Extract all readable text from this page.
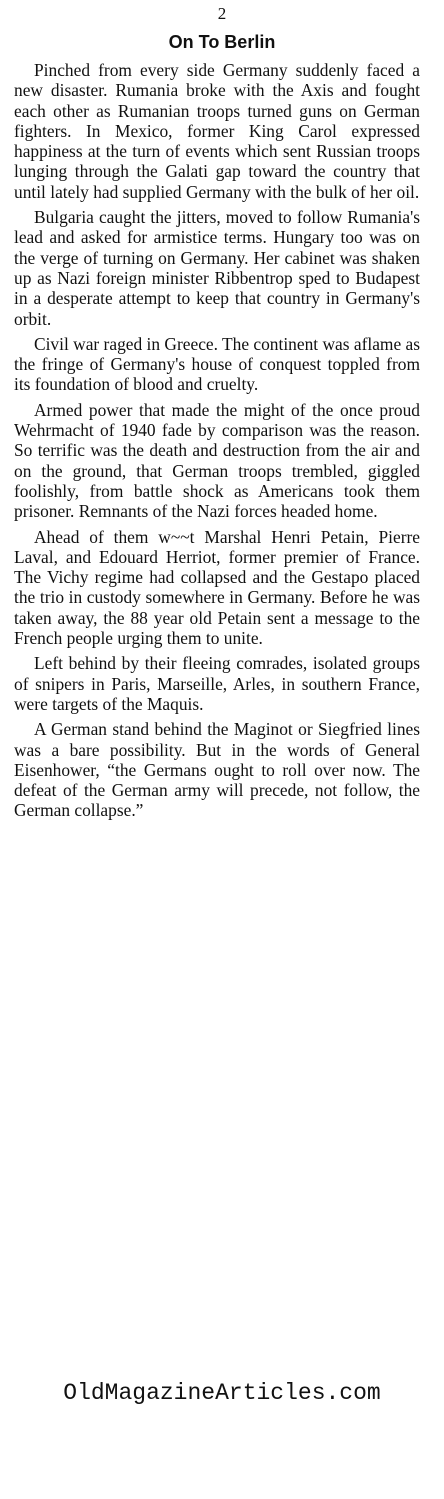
2
On To Berlin

Pinched from every side Germany suddenly faced a new disaster. Rumania broke with the Axis and fought each other as Rumanian troops turned guns on German fighters. In Mexico, former King Carol expressed happiness at the turn of events which sent Russian troops lunging through the Galati gap toward the country that until lately had supplied Germany with the bulk of her oil.

Bulgaria caught the jitters, moved to follow Rumania's lead and asked for armistice terms. Hungary too was on the verge of turning on Germany. Her cabinet was shaken up as Nazi foreign minister Ribbentrop sped to Budapest in a desperate attempt to keep that country in Germany's orbit.

Civil war raged in Greece. The continent was aflame as the fringe of Germany's house of conquest toppled from its foundation of blood and cruelty.

Armed power that made the might of the once proud Wehrmacht of 1940 fade by comparison was the reason. So terrific was the death and destruction from the air and on the ground, that German troops trembled, giggled foolishly, from battle shock as Americans took them prisoner. Remnants of the Nazi forces headed home.

Ahead of them w~~t Marshal Henri Petain, Pierre Laval, and Edouard Herriot, former premier of France. The Vichy regime had collapsed and the Gestapo placed the trio in custody somewhere in Germany. Before he was taken away, the 88 year old Petain sent a message to the French people urging them to unite.

Left behind by their fleeing comrades, isolated groups of snipers in Paris, Marseille, Arles, in southern France, were targets of the Maquis.

A German stand behind the Maginot or Siegfried lines was a bare possibility. But in the words of General Eisenhower, “the Germans ought to roll over now. The defeat of the German army will precede, not follow, the German collapse.”

OldMagazineArticles.com
